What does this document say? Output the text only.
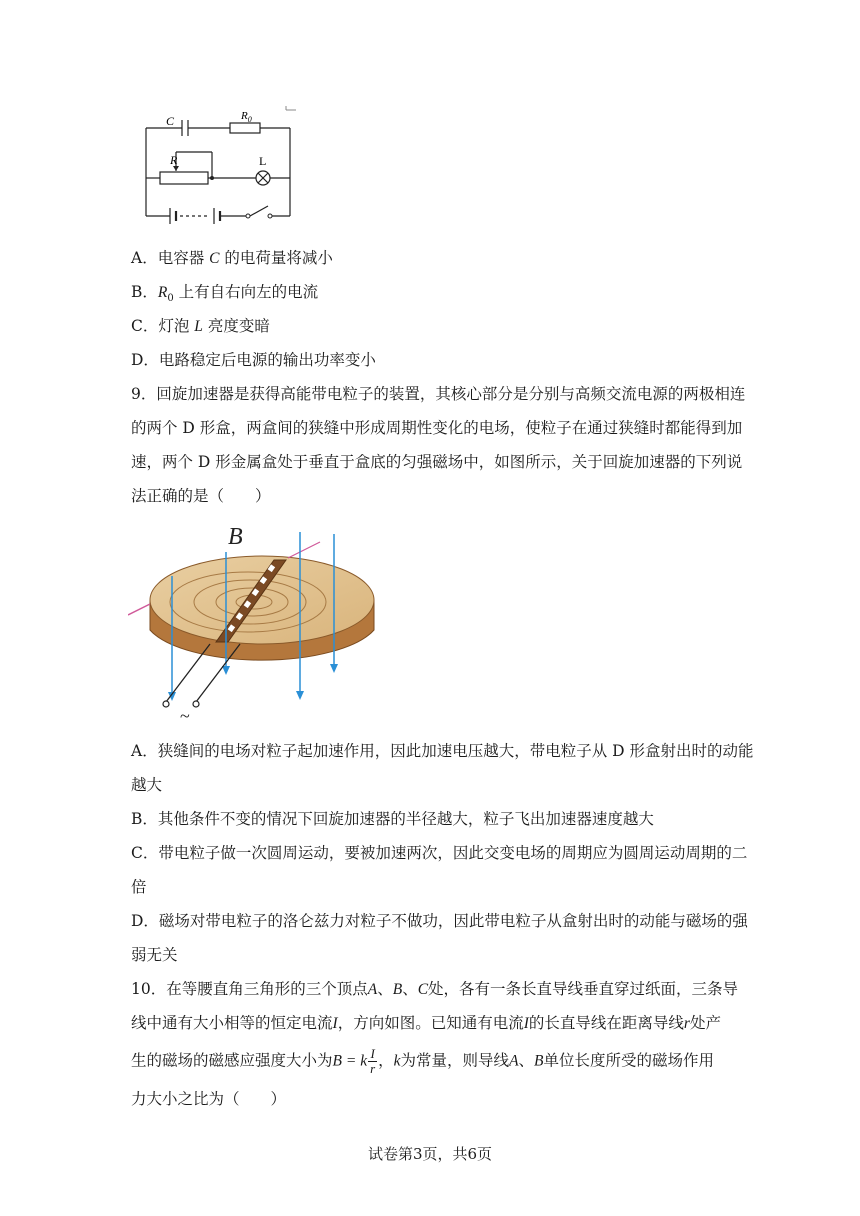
C	$R_0$
R	L
A．电容器 C 的电荷量将减小
B．$R_0$ 上有自右向左的电流
C．灯泡 L 亮度变暗
D．电路稳定后电源的输出功率变小
9．回旋加速器是获得高能带电粒子的装置，其核心部分是分别与高频交流电源的两极相连
的两个 D 形盒，两盒间的狭缝中形成周期性变化的电场，使粒子在通过狭缝时都能得到加
速，两个 D 形金属盒处于垂直于盒底的匀强磁场中，如图所示，关于回旋加速器的下列说
法正确的是（　　）
B
~
A．狭缝间的电场对粒子起加速作用，因此加速电压越大，带电粒子从 D 形盒射出时的动能
越大
B．其他条件不变的情况下回旋加速器的半径越大，粒子飞出加速器速度越大
C．带电粒子做一次圆周运动，要被加速两次，因此交变电场的周期应为圆周运动周期的二
倍
D．磁场对带电粒子的洛仑兹力对粒子不做功，因此带电粒子从盒射出时的动能与磁场的强
弱无关
10．在等腰直角三角形的三个顶点A、B、C处，各有一条长直导线垂直穿过纸面，三条导
线中通有大小相等的恒定电流I，方向如图。已知通有电流I的长直导线在距离导线r处产
生的磁场的磁感应强度大小为B = k $\frac{I}{r}$ ，k为常量，则导线A、B单位长度所受的磁场作用
力大小之比为（　　）
试卷第3页，共6页
